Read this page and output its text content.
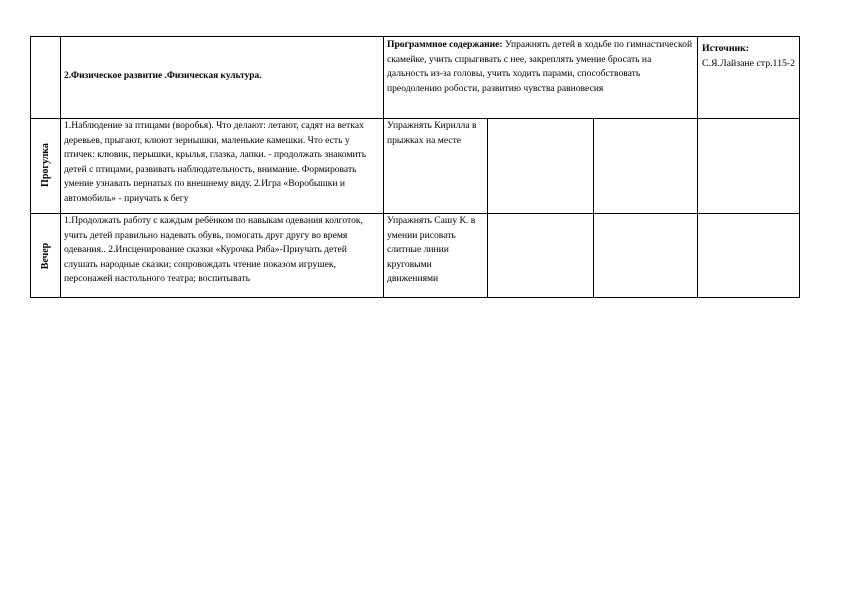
2.Физическое развитие .Физическая культура.
Программное содержание: Упражнять детей в ходьбе по гимнастической скамейке, учить спрыгивать с нее, закреплять умение бросать на дальность из-за головы, учить ходить парами, способствовать преодолению робости, развитию чувства равновесия
Источник:
С.Я.Лайзане стр.115-2
Прогулка
1.Наблюдение за птицами (воробья). Что делают: летают, садят на ветках деревьев, прыгают, клюют зернышки, маленькие камешки. Что есть у птичек: клювик, перышки, крылья, глазка, лапки. - продолжать знакомить детей с птицами, развивать наблюдательность, внимание. Формировать умение узнавать пернатых по внешнему виду. 2.Игра «Воробышки и автомобиль» - приучать к бегу
Упражнять Кирилла в прыжках на месте
Вечер
1.Продолжать работу с каждым ребёнком по навыкам одевания колготок, учить детей правильно надевать обувь, помогать друг другу во время одевания.. 2.Инсценирование сказки «Курочка Ряба»-Приучать детей слушать народные сказки; сопровождать чтение показом игрушек, персонажей настольного театра; воспитывать
Упражнять Сашу К. в умении рисовать слитные линии круговыми движениями
